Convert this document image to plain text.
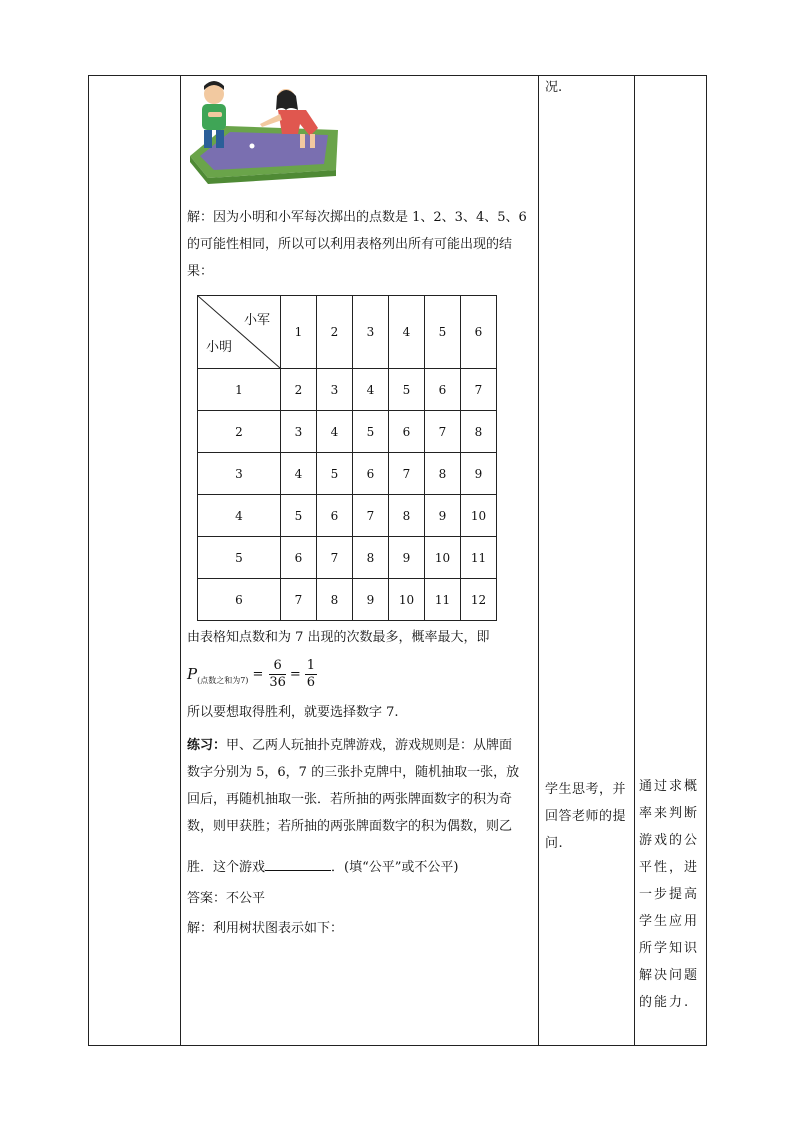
解：因为小明和小军每次掷出的点数是 1、2、3、4、5、6
的可能性相同，所以可以利用表格列出所有可能出现的结
果：
小军
小明	1	2	3	4	5	6
1	2	3	4	5	6	7
2	3	4	5	6	7	8
3	4	5	6	7	8	9
4	5	6	7	8	9	10
5	6	7	8	9	10	11
6	7	8	9	10	11	12
由表格知点数和为 7 出现的次数最多，概率最大，即
P (点数之和为$7) = \frac{6}{36} = \frac{1}{6}$
所以要想取得胜利，就要选择数字 7.
练习：甲、乙两人玩抽扑克牌游戏，游戏规则是：从牌面
数字分别为 5，6，7 的三张扑克牌中，随机抽取一张，放
回后，再随机抽取一张．若所抽的两张牌面数字的积为奇
数，则甲获胜；若所抽的两张牌面数字的积为偶数，则乙
胜．这个游戏	．(填“公平”或不公平)
答案：不公平
解：利用树状图表示如下：
况.
学生思考，并回答老师的提问.
通过求概率来判断游戏的公平性，进一步提高学生应用所学知识解决问题的能力.
